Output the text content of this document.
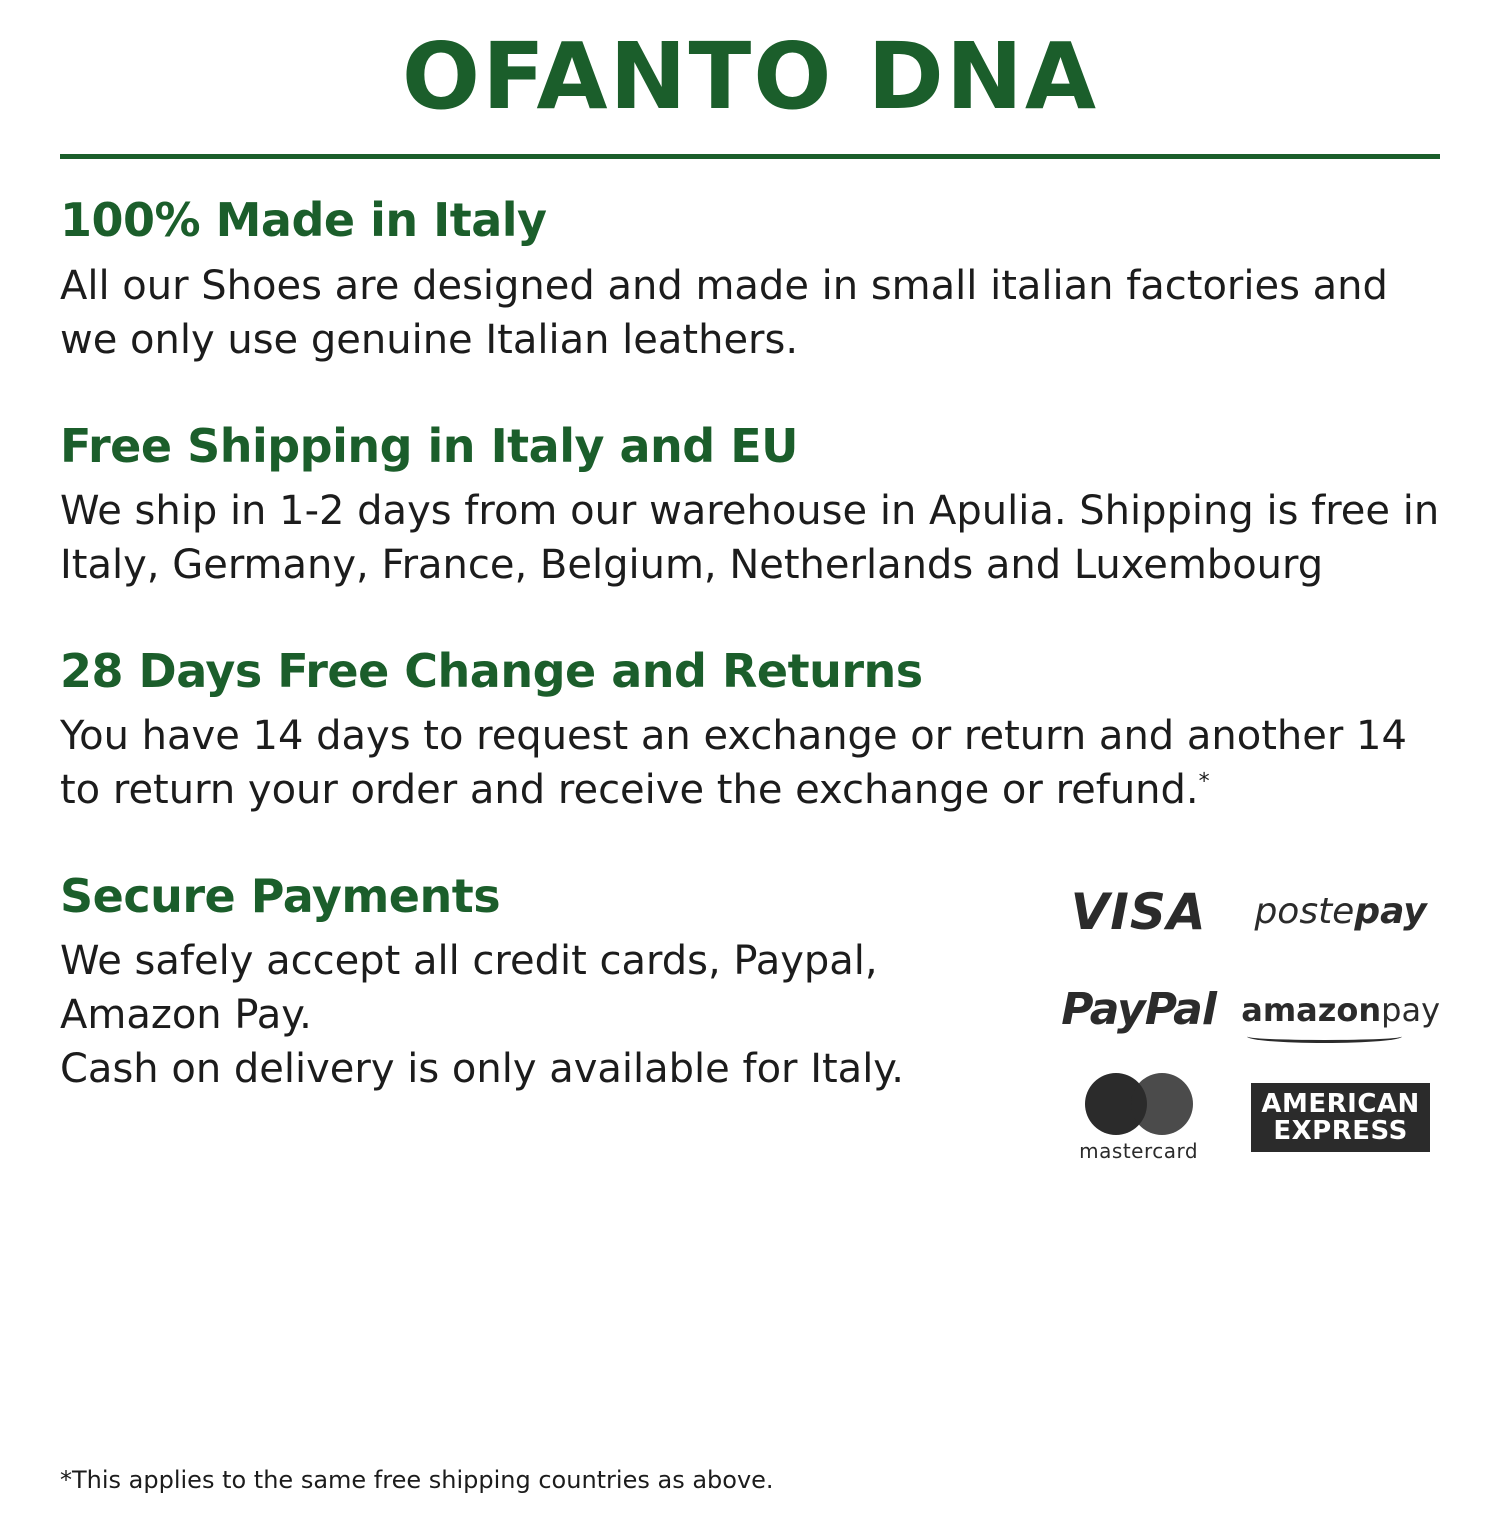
OFANTO DNA
100% Made in Italy

All our Shoes are designed and made in small italian factories and we only use genuine Italian leathers.

Free Shipping in Italy and EU

We ship in 1-2 days from our warehouse in Apulia. Shipping is free in Italy, Germany, France, Belgium, Netherlands and Luxembourg

28 Days Free Change and Returns

You have 14 days to request an exchange or return and another 14 to return your order and receive the exchange or refund.*

Secure Payments

We safely accept all credit cards, Paypal, Amazon Pay.

Cash on delivery is only available for Italy.

VISA poste pay
PayPal amazon pay
mastercard
AMERICAN
EXPRESS
*This applies to the same free shipping countries as above.
